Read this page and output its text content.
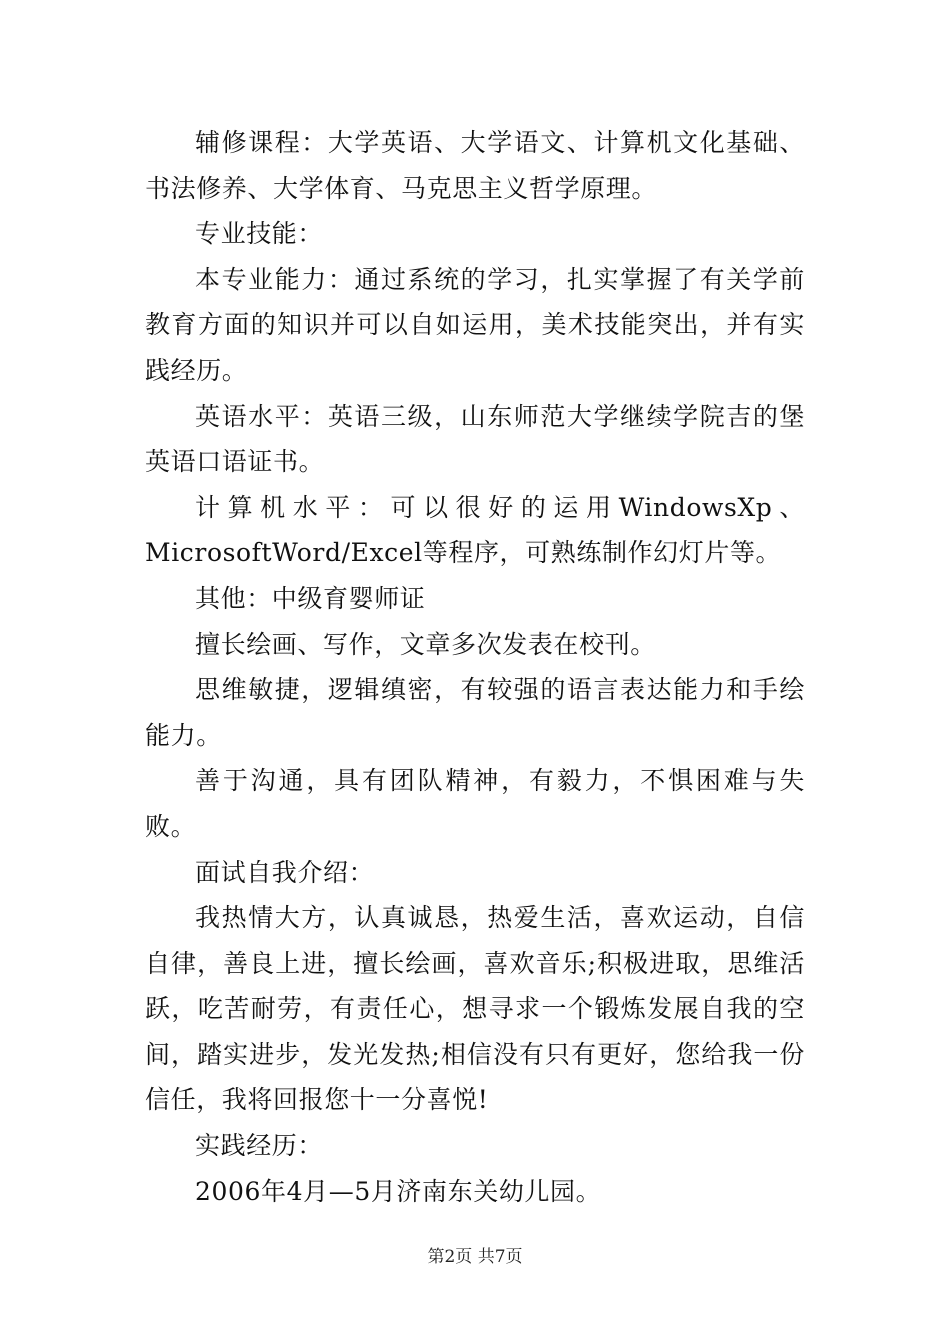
辅修课程：大学英语、大学语文、计算机文化基础、书法修养、大学体育、马克思主义哲学原理。

专业技能：

本专业能力：通过系统的学习，扎实掌握了有关学前教育方面的知识并可以自如运用，美术技能突出，并有实践经历。

英语水平：英语三级，山东师范大学继续学院吉的堡英语口语证书。

计算机水平：可以很好的运用WindowsXp、MicrosoftWord/Excel等程序，可熟练制作幻灯片等。

其他：中级育婴师证

擅长绘画、写作，文章多次发表在校刊。

思维敏捷，逻辑缜密，有较强的语言表达能力和手绘能力。

善于沟通，具有团队精神，有毅力，不惧困难与失败。

面试自我介绍：

我热情大方，认真诚恳，热爱生活，喜欢运动，自信自律，善良上进，擅长绘画，喜欢音乐;积极进取，思维活跃，吃苦耐劳，有责任心，想寻求一个锻炼发展自我的空间，踏实进步，发光发热;相信没有只有更好，您给我一份信任，我将回报您十一分喜悦!

实践经历：

2006年4月—5月济南东关幼儿园。

第2页 共7页
